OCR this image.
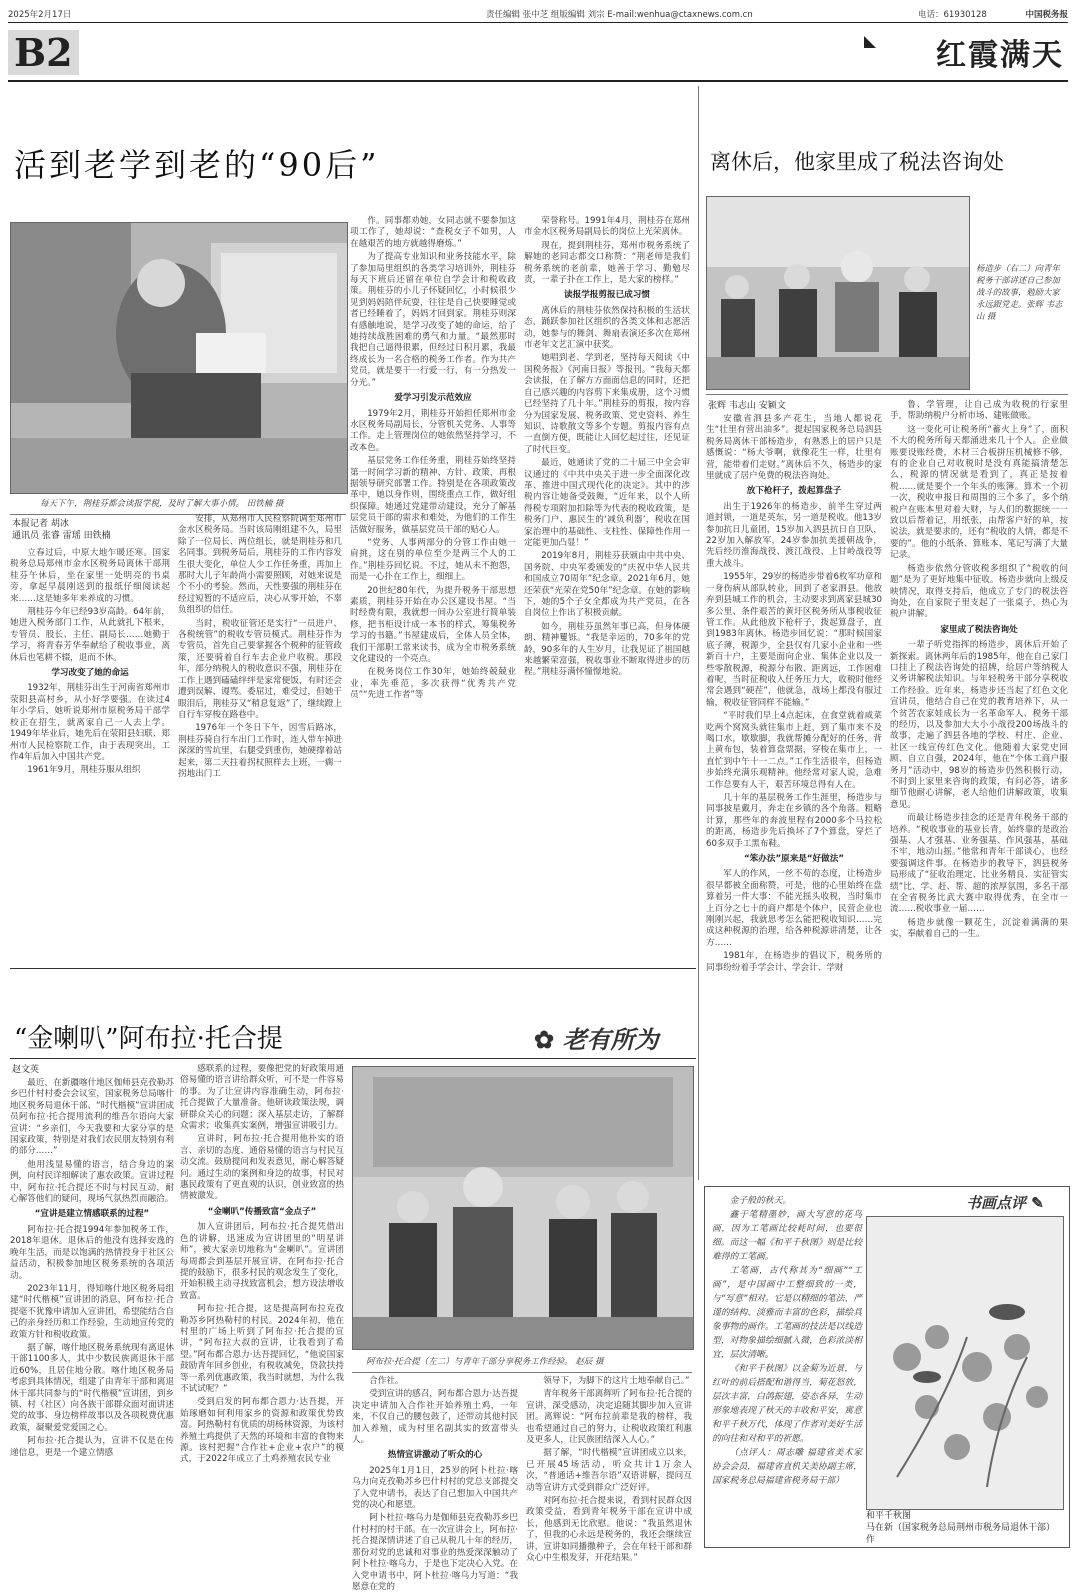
2025年2月17日	责任编辑 张中芝 组版编辑 刘宗 E-mail:wenhua@ctaxnews.com.cn	电话：61930128	中国税务报
B2	红霞满天
活到老学到老的“90后”
每天下午，荆桂芬都会读报学税，及时了解大事小情。 田铁楠 摄
本报记者 胡冰
通讯员 张睿 雷瑶 田铁楠

立春过后，中原大地乍暖还寒。国家税务总局郑州市金水区税务局离休干部荆桂芬午休后，坐在家里一处明亮的书桌旁，拿起早晨刚送到的报纸仔细阅读起来……这是她多年来养成的习惯。

荆桂芬今年已经93岁高龄。64年前，她进入税务部门工作，从此就扎下根来，专管员、股长、主任、副局长……她勤于学习，将青春芳华奉献给了税收事业，离休后也笔耕不辍，退而不休。

学习改变了她的命运

1932年，荆桂芬出生于河南省郑州市荥阳县高村乡，从小好学要强。在读过4年小学后，她听说郑州市原税务局干部学校正在招生，就离家自己一人去上学。1949年毕业后，她先后在荥阳县妇联、郑州市人民检察院工作，由于表现突出，工作4年后加入中国共产党。

1961年9月，荆桂芬服从组织

安排，从郑州市人民检察院调至郑州市金水区税务局。当时该局刚组建不久，局里除了一位局长、两位组长，就是荆桂芬和几名同事。到税务局后，荆桂芬的工作内容发生很大变化，单位人少工作任务重，再加上那时大儿子年龄尚小需要照顾，对她来说是个不小的考验。然而，天性要强的荆桂芬在经过短暂的不适应后，决心从零开始，不辜负组织的信任。

当时，税收征管还是实行“一员进户、各税统管”的税收专管员模式。荆桂芬作为专管员，首先自己要掌握各个税种的征管政策，还要骑着自行车去企业户收税。那段年，部分纳税人的税收意识不强，荆桂芬在工作上遇到磕磕绊绊是家常便饭，有时还会遭到误解、谩骂。委屈过，难受过，但她干眼泪后，荆桂芬又“稍息复返”了，继续蹬上自行车穿梭在路巷中。

1976年一个冬日下午，因雪后路冰，荆桂芬骑自行车出门工作时，连人带车掉进深深的雪坑里，右腿受到重伤，她硬撑着站起来，第二天拄着拐杖照样去上班，一瘸一拐地出门工

作。同事都劝她，女同志就不要参加这项工作了，她却说：“查税女子不如男，人在越艰苦的地方就越得磨炼。”

为了提高专业知识和业务技能水平，除了参加局里组织的各类学习培训外，荆桂芬每天下班后还留在单位自学会计和税收政策。荆桂芬的小儿子怀疑回忆，小时候很少见到妈妈陪伴玩耍，往往是自己快要睡觉或者已经睡着了，妈妈才回到家。荆桂芬则深有感触地说，是学习改变了她的命运，给了她持续战胜困难的勇气和力量。“最然那时我把自己逼得很累，但经过日积月累，我最终成长为一名合格的税务工作者。作为共产党员，就是要干一行爱一行，有一分热发一分光。”

爱学习引发示范效应

1979年2月，荆桂芬开始担任郑州市金水区税务局副局长，分管机关党务、人事等工作。走上管理岗位的她依然坚持学习，不改本色。

基层党务工作任务重，荆桂芬始终坚持第一时间学习新的精神、方针、政策，再根据领导研究部署工作。特别是在各项政策改革中，她以身作则，围绕重点工作，做好组织保障。她通过党建带动建设，充分了解基层党员干部的需求和难处，为他们的工作生活做好服务，做基层党员干部的贴心人。

“党务、人事两部分的分管工作由她一肩挑，这在别的单位至少是两三个人的工作。”荆桂芬回忆说。不过，她从未不抱怨，而是一心扑在工作上，细细上。

20世纪80年代，为提升税务干部思想素质，荆桂芬开始在办公区建设书屋。“当时经费有限，我就想一间办公室进行简单装修，把书柜设计成一本书的样式，筹集税务学习的书籍。”书屋建成后，全体人员全体，我们干部职工常来读书，成为全市税务系统文化建设的一个亮点。

在税务岗位工作30年，她始终兢兢业业，率先垂范，多次获得“优秀共产党员”“先进工作者”等

荣誉称号。1991年4月，荆桂芬在郑州市金水区税务局副局长的岗位上光荣离休。

现在，提到荆桂芬，郑州市税务系统了解她的老同志都交口称赞：“荆老师是我们税务系统的老前辈，她善于学习、勤勉尽责，一辈子扑在工作上，是大家的榜样。”

读报学报剪报已成习惯

离休后的荆桂芬依然保持积极的生活状态，踊跃参加社区组织的各类文体和志愿活动，她参与的舞剑、舞扇表演还多次在郑州市老年文艺汇演中获奖。

她唱到老、学到老，坚持每天阅读《中国税务报》《河南日报》等报刊。“我每天都会读报，在了解方方面面信息的同时，还把自己感兴趣的内容剪下来集成册，这个习惯已经坚持了几十年。”荆桂芬的剪报，按内容分为国家发展、税务政策、党史资料、养生知识、诗歌散文等多个专题。剪报内容有点一直倒方便，既能让人回忆起过往，还见证了时代巨变。

最近，她通读了党的二十届三中全会审议通过的《中共中央关于进一步全面深化改革、推进中国式现代化的决定》。其中的涉税内容让她备受鼓舞，“近年来，以个人所得税专项附加扣除等为代表的税收政策，是税务门户、惠民生的‘减负利器’，税收在国家治理中的基础性、支柱性、保障性作用一定能更加凸显！”

2019年8月，荆桂芬获颁由中共中央、国务院、中央军委颁发的“庆祝中华人民共和国成立70周年”纪念章。2021年6月，她还荣获“光荣在党50年”纪念章。在她的影响下，她的5个子女全都成为共产党员，在各自岗位上作出了积极贡献。

如今，荆桂芬虽然年事已高，但身体硬朗、精神矍铄。“我是幸运的，70多年的党龄，90多年的人生岁月，让我见证了祖国越来越繁荣富强，税收事业不断取得进步的历程。”荆桂芬满怀憧憬地说。

离休后，他家里成了税法咨询处
杨造步（右二）向青年税务干部讲述自己参加战斗的故事，勉励大家永远跟党走。张辉 韦志山 摄
张辉 韦志山 安颖文

安徽省泗县多产花生，当地人都说花生“壮里有营出油多”。提起国家税务总局泗县税务局离休干部杨造步，有熟悉上的居户只是感慨说：“杨大爷啊，就像花生一样，壮里有营，能带着们走财。”离休后不久，杨造步的家里就成了居户免费的税法咨询处。

放下枪杆子，拨起算盘子

出生于1926年的杨造步，前半生穿过两道封锁，一道是英东，另一道是税收。他13岁参加抗日儿童团，15岁加入泗县抗日自卫队，22岁加入解放军，24岁参加抗美援朝战争，先后经历淮海战役、渡江战役、上甘岭战役等重大战斗。

1955年，29岁的杨造步带着6枚军功章和一身伤病从部队转业，回到了老家泗县。他放弃到县城工作的机会，主动要求到离家县城30多公里、条件艰苦的黄圩区税务所从事税收征管工作。从此他放下枪杆子，拨起算盘子，直到1983年离休。杨造步回忆说：“那时候国家底子薄，税源少，全县仅有几家小企业和一些新百十户，主要是面向企业、集体企业以及一些零散税源，税源分布散、距离远，工作困难着呢，当时征税收入任务压力大，收税时他经常会遇到“硬茬”，他就急，战场上都没有服过输，税收征管同样不能输。”

“平时我们早上4点起床，在食堂就着咸菜吃两个窝窝头就往集市上赶，到了集市来不及喝口水，歇歇脚，我就帮摊分配好的任务，背上黄布包，装着算盘票据，穿梭在集市上，一直忙到中午十一二点。”工作生活很辛，但杨造步始终充满乐观精神。他经常对家人说，急难工作总要有人干，艰苦环境总得有人在。

几十年的基层税务工作生涯里，杨造步与同事披星戴月，奔走在乡镇的各个角落。粗略计算，那些年的奔波里程有2000多个马拉松的距离，杨造步先后换坏了7个算盘，穿烂了60多双手工黑布鞋。

“笨办法”原来是“好做法”

军人的作风，一丝不苟的态度，让杨造步很早都被全面称赞，可是，他的心里始终在盘算着另一件大事：不能光摇头收税，当时集市上百分之七十的商户都是个体户，民营企业也刚刚兴起，我就思考怎么能把税收知识……完成这种税源的治理，给各种税源讲清楚，让各方……

1981年，在杨造步的倡议下，税务所的同事纷纷着手学会计、学会计、学财

鲁、学管理，让自己成为收税的行家里手，帮助纳税户分析市场、建账做账。

这一变化可让税务所“蓄火上身”了，面积不大的税务所每天都涌进来几十个人。企业做账要设账经费，木材三合板拼压机械修不够，有的企业自己对收税时是没有真能搞清楚怎么，税源的情况就是看到了，真正是按着税……就是要个一个年头的账簿。算术一个初一次，税收申报日和周围的三个多了，多个纳税户在账本里对着大财，与人们的数据统一一致以后帮着记，用纸张，由帮客户好的单，按说法，就是要求的，还有“税收的人情，都是不要的”。他的小纸条、算账本、笔记写满了大量记录。

杨造步依然分管收税多组织了“税收的问题”是为了更好地集中征收。杨造步就向上级反映情况，取得支持后，他成立了专门的税法咨询处，在自家院子里支起了一张桌子，热心为税户讲解。

家里成了税法咨询处

一辈子听党指挥的杨造步，离休后开始了新探索。离休两年后的1985年，他在自己家门口挂上了税法咨询处的招牌，给居户等纳税人义务讲解税法知识。与年轻税务干部分享税收工作经验。近年来，杨造步还当起了红色文化宣讲员，他结合自己在党的教育培养下，从一个贫苦农家娃成长为一名革命军人、税务干部的经历，以及参加大大小小战役200场战斗的故事，走遍了泗县各地的学校、村庄、企业、社区一线宣传红色文化。他随着大家党史回顾、自立自强，2024年，他在“个体工商户服务月”活动中，98岁的杨造步仍然积极行动，不时到上家里来咨询的政策，有问必答，诸多细节他耐心讲解，老人给他们讲解政策，收集意见。

而最让杨造步挂念的还是青年税务干部的培养。“税收事业的基业长青，始终靠的是政治强基、人才强基、业务强基、作风强基，基础不牢，地动山摇。”他常和青年干部谈心，也经要强调这件事。在杨造步的教导下，泗县税务局形成了“征收治理定、比业务精良、实征管实绩”比、学、赶、帮、超的浓厚氛围，多名干部在全省税务比武大赛中取得优秀，在全市一流……税收事业一届……

杨造步就像一颗花生，沉淀着满满的果实，奉献着自己的一生。

“金喇叭”阿布拉·托合提	✿ 老有所为
赵文英

最近，在新疆喀什地区伽师县克孜勒苏乡巴什村村委会会议室，国家税务总局喀什地区税务局退休干部、“时代楷模”宣讲团成员阿布拉·托合提用流利的维吾尔语向大家宣讲：“乡亲们，今天我要和大家分享的是国家政策，特别是对我们农民朋友特别有利的部分……”

他用浅显易懂的语言，结合身边的案例，向村民详细解读了惠农政策。宣讲过程中，阿布拉·托合提还不时与村民互动，耐心解答他们的疑问，现场气氛热烈而融洽。

“宣讲是建立情感联系的过程”

阿布拉·托合提1994年参加税务工作，2018年退休。退休后的他没有选择安逸的晚年生活，而是以饱满的热情投身于社区公益活动，积极参加地区税务系统的各项活动。

2023年11月，得知喀什地区税务局组建“时代楷模”宣讲团的消息，阿布拉·托合提毫不犹豫申请加入宣讲团，希望能结合自己的亲身经历和工作经验，生动地宣传党的政策方针和税收政策。

据了解，喀什地区税务系统现有离退休干部1100多人，其中少数民族离退休干部近60%，且居住地分散。喀什地区税务局考虑到具体情况，组建了由青年干部和离退休干部共同参与的“时代楷模”宣讲团，到乡镇、村（社区）向各族干部群众面对面讲述党的故事、身边榜样故事以及各项税费优惠政策，凝聚爱党爱国之心。

阿布拉·托合提认为，宣讲不仅是在传递信息，更是一个建立情感

感联系的过程，要像把党的好政策用通俗易懂的语言讲给群众听，可不是一件容易的事。为了让宣讲内容准确生动，阿布拉·托合提做了大量准备。他研读政策法规，调研群众关心的问题；深入基层走访，了解群众需求；收集真实案例，增强宣讲吸引力。

宣讲时，阿布拉·托合提用他朴实的语言、亲切的态度、通俗易懂的语言与村民互动交流。鼓励提问和发表意见，耐心解答疑问。通过生动的案例和身边的故事，村民对惠民政策有了更直观的认识，创业致富的热情被激发。

“金喇叭”传播致富“金点子”

加入宣讲团后，阿布拉·托合提凭借出色的讲解，迅速成为宣讲团里的“明星讲师”，被大家亲切地称为“金喇叭”。宣讲团每周都会到基层开展宣讲，在阿布拉·托合提的鼓励下，很多村民的观念发生了变化，开始积极主动寻找致富机会，想方设法增收致富。

阿布拉·托合提，这是提高阿布拉克孜勒苏乡阿热勒村的村民。2024年初，他在村里的广场上听到了阿布拉·托合提的宣讲，“阿布拉大叔的宣讲，让我看到了希望。”阿布都合恩力·达吾提回忆，“他说国家鼓励青年回乡创业，有税收减免，贷款扶持等一系列优惠政策，我当时就想，为什么我不试试呢？”

受到启发的阿布都合恩力·达吾提，开始琢磨如何利用家乡的资源和政策优势致富。阿热勒村有优质的胡杨林资源，为该村养殖土鸡提供了天然的环境和丰富的食物来源。该村把握“合作社+企业+农户”的模式，于2022年成立了土鸡养殖农民专业

阿布拉·托合提（左二）与青年干部分享税务工作经验。 赵辰 摄

合作社。

受到宣讲的感召，阿布都合恩力·达吾提决定申请加入合作社开始养殖土鸡，一年来，不仅自己的腰包鼓了，还带动其他村民加入养殖，成为村里名副其实的致富带头人。

热情宣讲激动了听众的心

2025年1月1日，25岁的阿卜杜拉·喀乌力向克孜勒苏乡巴什村村的党总支部提交了入党申请书，表达了自己想加入中国共产党的决心和愿望。

阿卜杜拉·喀乌力是伽师县克孜勒苏乡巴什村村的村干部。在一次宣讲会上，阿布拉·托合提深情讲述了自己从税几十年的经历，那份对党的忠诚和对事业的热爱深深触动了阿卜杜拉·喀乌力，于是也下定决心入党。在入党申请书中，阿卜杜拉·喀乌力写道：“我愿意在党的

领导下，为脚下的这片土地奉献自己。”

青年税务干部离辉听了阿布拉·托合提的宣讲，深受感动，决定追随其脚步加入宣讲团。离辉说：“阿布拉前辈是我的榜样，我也希望通过自己的努力，让税收政策红利惠及更多人，让民族团结深入人心。”

据了解，“时代楷模”宣讲团成立以来，已开展45场活动，听众共计1万余人次，“普通话+维吾尔语”双语讲解，提问互动等宣讲方式受到群众广泛好评。

对阿布拉·托合提来说，看到村民群众因政策受益，看到青年税务干部在宣讲中成长，他感到无比欣慰。他说：“我虽然退休了，但我的心永远是税务的，我还会继续宣讲，宣讲如同播撒种子，会在年轻干部和群众心中生根发芽，开花结果。”

书画点评 ✎

金子般的秋天。

鑫于笔精墨妙，画大写意的花鸟画，因为工笔画比较耗时间，也要很细。而这一幅《和平千秋图》则是比较难得的工笔画。

工笔画，古代称其为“细画”“工画”，是中国画中工整细致的一类，与“写意”相对。它是以精细的笔法、严谨的结构、淡雅而丰富的色彩，描绘具象事物的画作。工笔画的技法是以线造型，对物象描绘细腻入微，色彩浓淡相宜，层次清晰。

《和平千秋图》以金菊为近景，与红叶的前后搭配和谐得当，菊花怒放，层次丰富，白鸽振翅，姿态各异，生动形象地表现了秋天的丰收和平安，寓意和平千秋万代，体现了作者对美好生活的向往和对和平的祈愿。

（点评人：周志雕 福建省美术家协会会员，福建省直机关美协副主席，国家税务总局福建省税务局干部）

和平千秋图
马在新（国家税务总局荆州市税务局退休干部）作
